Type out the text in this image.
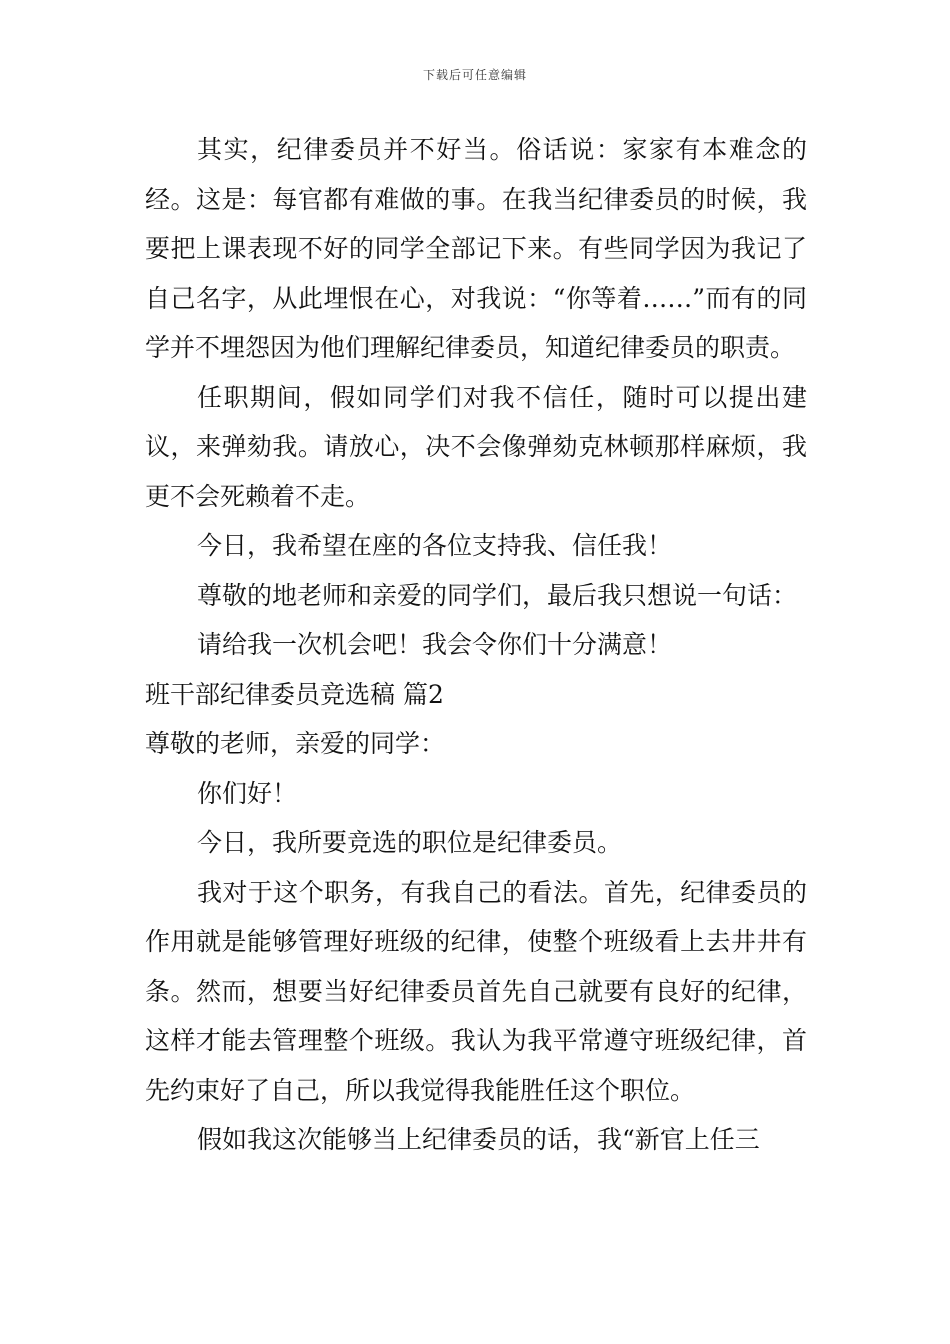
下载后可任意编辑

其实，纪律委员并不好当。俗话说：家家有本难念的经。这是：每官都有难做的事。在我当纪律委员的时候，我要把上课表现不好的同学全部记下来。有些同学因为我记了自己名字，从此埋恨在心，对我说：“你等着……”而有的同学并不埋怨因为他们理解纪律委员，知道纪律委员的职责。

任职期间，假如同学们对我不信任，随时可以提出建议，来弹劾我。请放心，决不会像弹劾克林顿那样麻烦，我更不会死赖着不走。

今日，我希望在座的各位支持我、信任我！

尊敬的地老师和亲爱的同学们，最后我只想说一句话：

请给我一次机会吧！我会令你们十分满意！

班干部纪律委员竞选稿 篇2

尊敬的老师，亲爱的同学：

你们好！

今日，我所要竞选的职位是纪律委员。

我对于这个职务，有我自己的看法。首先，纪律委员的作用就是能够管理好班级的纪律，使整个班级看上去井井有条。然而，想要当好纪律委员首先自己就要有良好的纪律，这样才能去管理整个班级。我认为我平常遵守班级纪律，首先约束好了自己，所以我觉得我能胜任这个职位。

假如我这次能够当上纪律委员的话，我“新官上任三
